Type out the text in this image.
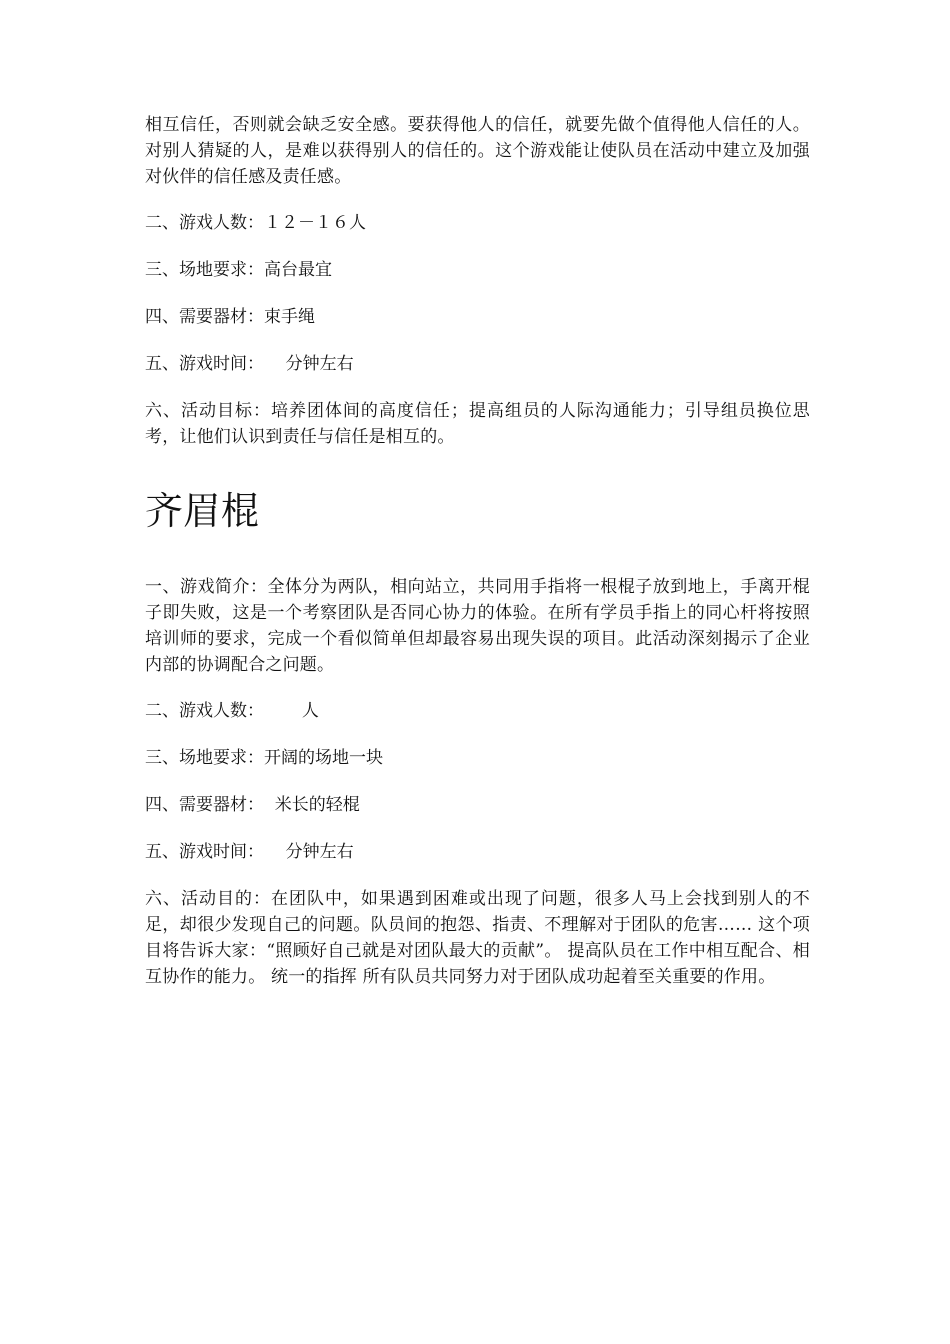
相互信任，否则就会缺乏安全感。要获得他人的信任，就要先做个值得他人信任的人。对别人猜疑的人，是难以获得别人的信任的。这个游戏能让使队员在活动中建立及加强对伙伴的信任感及责任感。

二、游戏人数：１２－１６人

三、场地要求：高台最宜

四、需要器材：束手绳

五、游戏时间：    分钟左右

六、活动目标：培养团体间的高度信任；提高组员的人际沟通能力；引导组员换位思考，让他们认识到责任与信任是相互的。

齐眉棍

一、游戏简介：全体分为两队，相向站立，共同用手指将一根棍子放到地上，手离开棍子即失败，这是一个考察团队是否同心协力的体验。在所有学员手指上的同心杆将按照培训师的要求，完成一个看似简单但却最容易出现失误的项目。此活动深刻揭示了企业内部的协调配合之问题。

二、游戏人数：       人

三、场地要求：开阔的场地一块

四、需要器材：  米长的轻棍

五、游戏时间：    分钟左右

六、活动目的：在团队中，如果遇到困难或出现了问题，很多人马上会找到别人的不足，却很少发现自己的问题。队员间的抱怨、指责、不理解对于团队的危害…… 这个项目将告诉大家：“照顾好自己就是对团队最大的贡献”。 提高队员在工作中相互配合、相互协作的能力。 统一的指挥 所有队员共同努力对于团队成功起着至关重要的作用。
